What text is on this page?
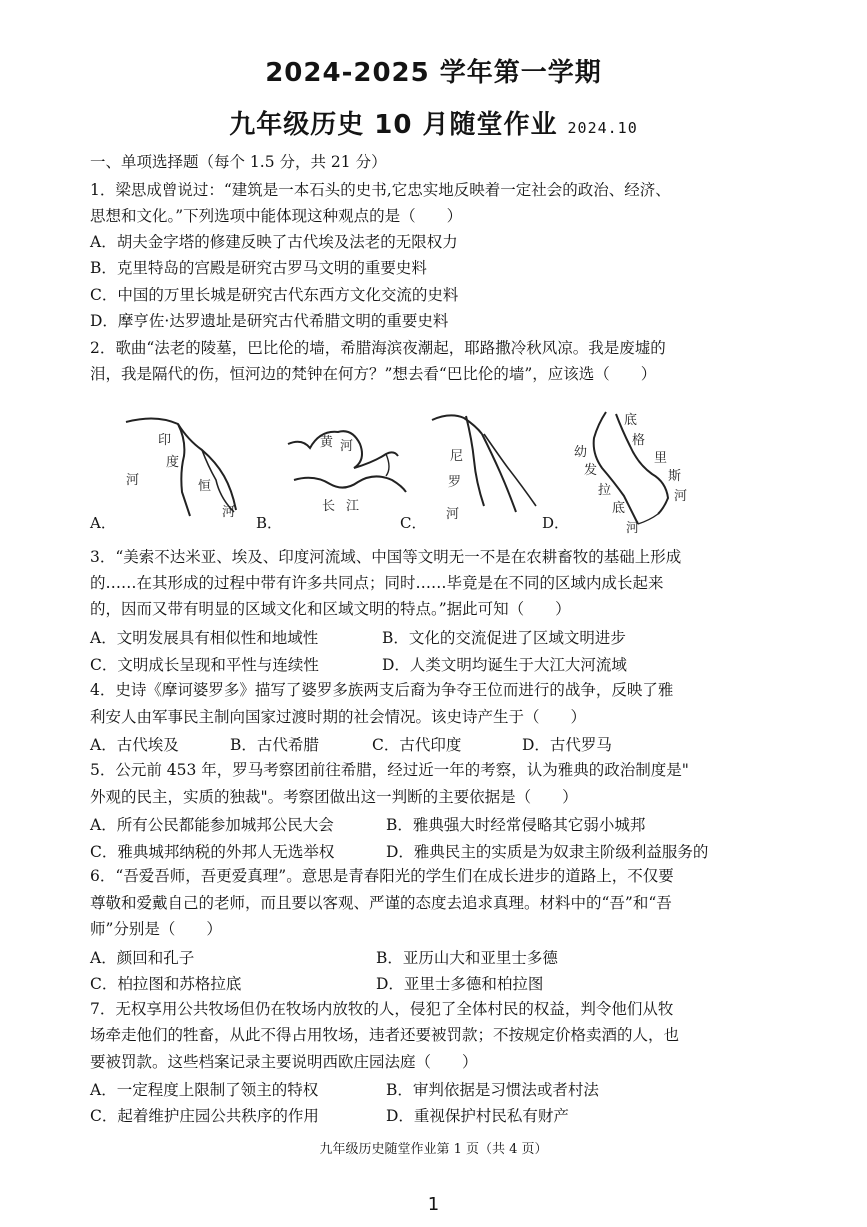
2024-2025 学年第一学期
九年级历史 10 月随堂作业 2024.10
一、单项选择题（每个 1.5 分，共 21 分）
1．梁思成曾说过：“建筑是一本石头的史书,它忠实地反映着一定社会的政治、经济、
思想和文化。”下列选项中能体现这种观点的是（　　）
A．胡夫金字塔的修建反映了古代埃及法老的无限权力
B．克里特岛的宫殿是研究古罗马文明的重要史料
C．中国的万里长城是研究古代东西方文化交流的史料
D．摩亨佐·达罗遗址是研究古代希腊文明的重要史料
2．歌曲“法老的陵墓，巴比伦的墙，希腊海滨夜潮起，耶路撒冷秋风凉。我是废墟的
泪，我是隔代的伤，恒河边的梵钟在何方？”想去看“巴比伦的墙”，应该选（　　）
A．
印
度
河	恒
河
B．
黄 河
长 江
C．
尼
罗
河	D．
底
格
里
斯
河
幼
发
拉
底
河
3．“美索不达米亚、埃及、印度河流域、中国等文明无一不是在农耕畜牧的基础上形成
的……在其形成的过程中带有许多共同点；同时……毕竟是在不同的区域内成长起来
的，因而又带有明显的区域文化和区域文明的特点。”据此可知（　　）
A．文明发展具有相似性和地域性	B．文化的交流促进了区域文明进步
C．文明成长呈现和平性与连续性	D．人类文明均诞生于大江大河流域
4．史诗《摩诃婆罗多》描写了婆罗多族两支后裔为争夺王位而进行的战争，反映了雅
利安人由军事民主制向国家过渡时期的社会情况。该史诗产生于（　　）
A．古代埃及	B．古代希腊	C．古代印度	D．古代罗马
5．公元前 453 年，罗马考察团前往希腊，经过近一年的考察，认为雅典的政治制度是"
外观的民主，实质的独裁"。考察团做出这一判断的主要依据是（　　）
A．所有公民都能参加城邦公民大会	B．雅典强大时经常侵略其它弱小城邦
C．雅典城邦纳税的外邦人无选举权	D．雅典民主的实质是为奴隶主阶级利益服务的
6．“吾爱吾师，吾更爱真理”。意思是青春阳光的学生们在成长进步的道路上，不仅要
尊敬和爱戴自己的老师，而且要以客观、严谨的态度去追求真理。材料中的“吾”和“吾
师”分别是（　　）
A．颜回和孔子	B．亚历山大和亚里士多德
C．柏拉图和苏格拉底	D．亚里士多德和柏拉图
7．无权享用公共牧场但仍在牧场内放牧的人，侵犯了全体村民的权益，判令他们从牧
场牵走他们的牲畜，从此不得占用牧场，违者还要被罚款；不按规定价格卖酒的人，也
要被罚款。这些档案记录主要说明西欧庄园法庭（　　）
A．一定程度上限制了领主的特权	B．审判依据是习惯法或者村法
C．起着维护庄园公共秩序的作用	D．重视保护村民私有财产
九年级历史随堂作业第 1 页（共 4 页）
1
